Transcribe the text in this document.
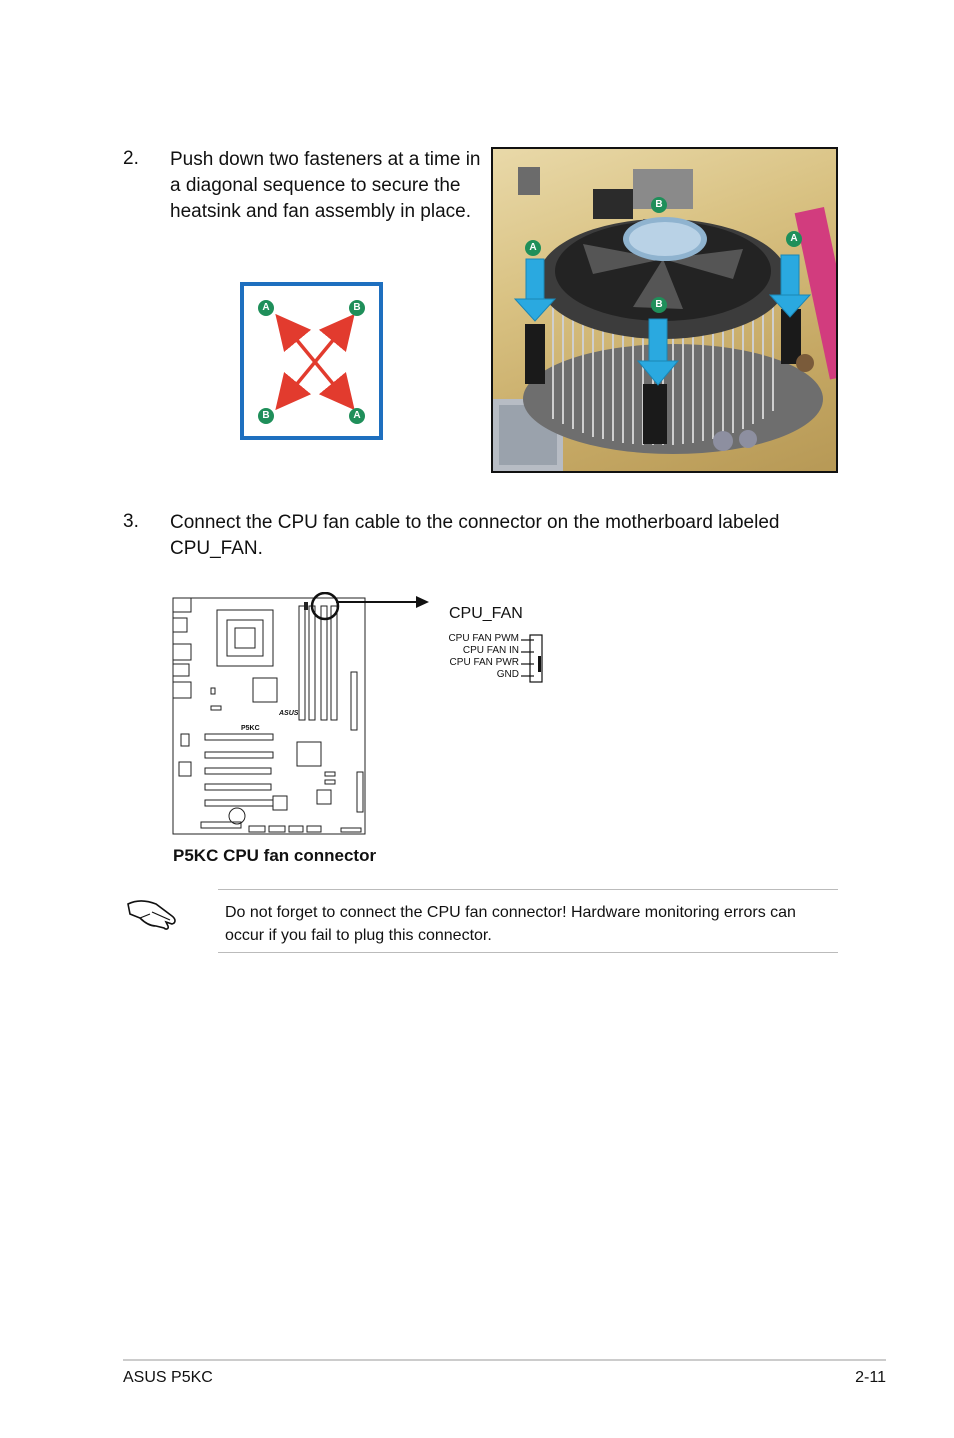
2. Push down two fasteners at a time in a diagonal sequence to secure the heatsink and fan assembly in place.
A	B
B	A
B
A
A
B
3. Connect the CPU fan cable to the connector on the motherboard labeled CPU_FAN.
P5KC
ASUS
CPU_FAN
CPU FAN PWM
CPU FAN IN
CPU FAN PWR
GND
P5KC CPU fan connector
Do not forget to connect the CPU fan connector! Hardware monitoring errors can occur if you fail to plug this connector.
ASUS P5KC	2-11
